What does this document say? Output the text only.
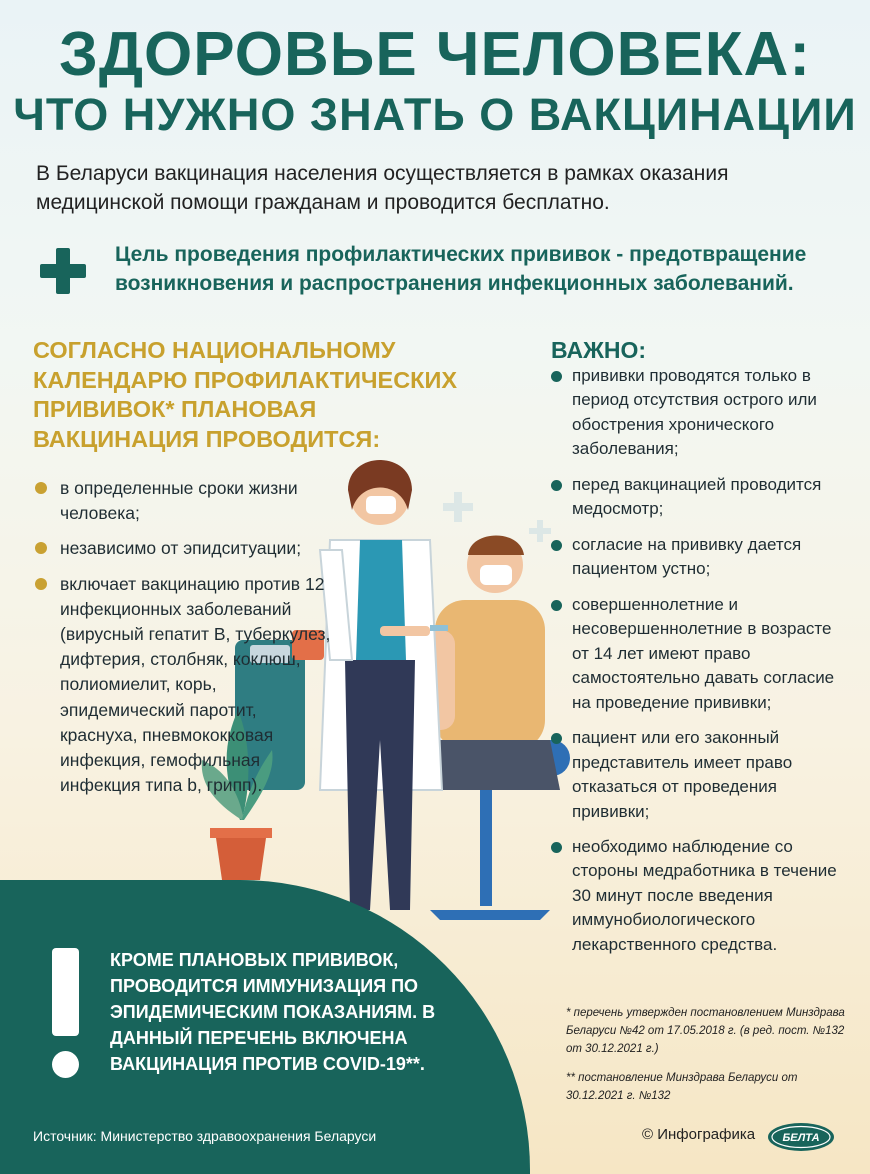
ЗДОРОВЬЕ ЧЕЛОВЕКА:
ЧТО НУЖНО ЗНАТЬ О ВАКЦИНАЦИИ

В Беларуси вакцинация населения осуществляется в рамках оказания медицинской помощи гражданам и проводится бесплатно.

Цель проведения профилактических прививок - предотвращение возникновения и распространения инфекционных заболеваний.

СОГЛАСНО НАЦИОНАЛЬНОМУ КАЛЕНДАРЮ ПРОФИЛАКТИЧЕСКИХ ПРИВИВОК* ПЛАНОВАЯ ВАКЦИНАЦИЯ ПРОВОДИТСЯ:
в определенные сроки жизни человека;
независимо от эпидситуации;
включает вакцинацию против 12 инфекционных заболеваний (вирусный гепатит B, туберкулез, дифтерия, столбняк, коклюш, полиомиелит, корь, эпидемический паротит, краснуха, пневмококковая инфекция, гемофильная инфекция типа b, грипп).
ВАЖНО:
прививки проводятся только в период отсутствия острого или обострения хронического заболевания;
перед вакцинацией проводится медосмотр;
согласие на прививку дается пациентом устно;
совершеннолетние и несовершеннолетние в возрасте от 14 лет имеют право самостоятельно давать согласие на проведение прививки;
пациент или его законный представитель имеет право отказаться от проведения прививки;
необходимо наблюдение со стороны медработника в течение 30 минут после введения иммунобиологического лекарственного средства.

КРОМЕ ПЛАНОВЫХ ПРИВИВОК, ПРОВОДИТСЯ ИММУНИЗАЦИЯ ПО ЭПИДЕМИЧЕСКИМ ПОКАЗАНИЯМ. В ДАННЫЙ ПЕРЕЧЕНЬ ВКЛЮЧЕНА ВАКЦИНАЦИЯ ПРОТИВ COVID-19**.

* перечень утвержден постановлением Минздрава Беларуси №42 от 17.05.2018 г. (в ред. пост. №132 от 30.12.2021 г.)

** постановление Минздрава Беларуси от 30.12.2021 г. №132

Источник: Министерство здравоохранения Беларуси	© Инфографика БЕЛТА
